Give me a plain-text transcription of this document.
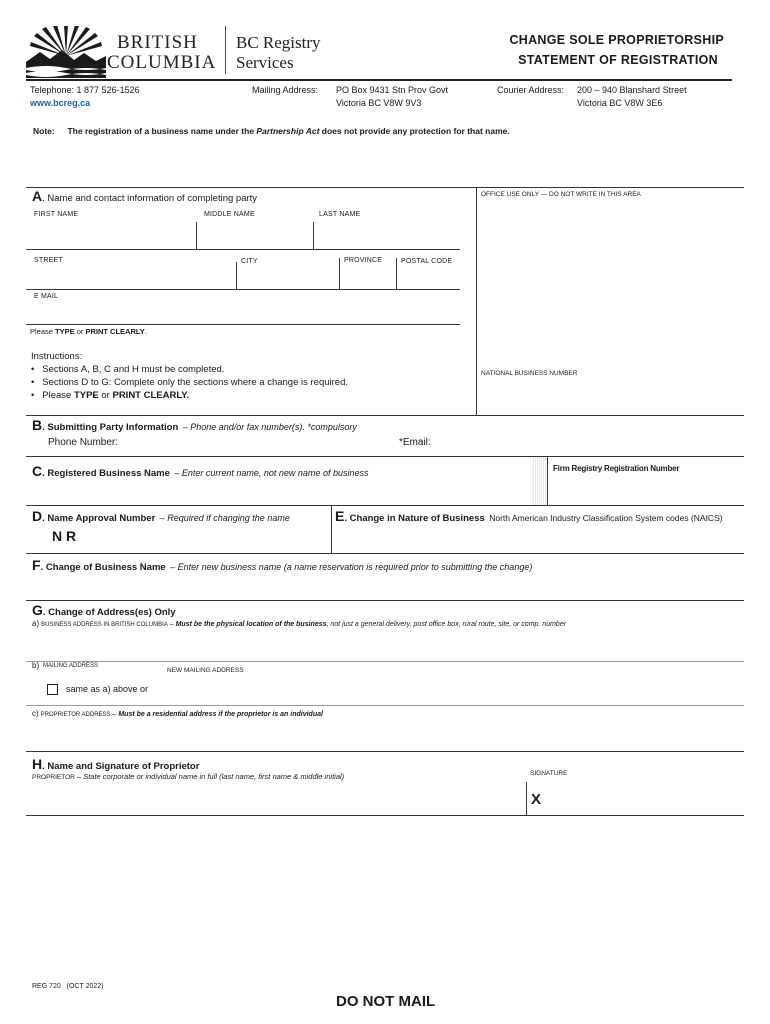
BRITISH
COLUMBIA
BC Registry
Services
CHANGE SOLE PROPRIETORSHIP
STATEMENT OF REGISTRATION
Telephone: 1 877 526-1526
www.bcreg.ca
Mailing Address: PO Box 9431 Stn Prov Govt
Victoria BC V8W 9V3
Courier Address: 200 – 940 Blanshard Street
Victoria BC V8W 3E6
Note: The registration of a business name under the Partnership Act does not provide any protection for that name.
A. Name and contact information of completing party
FIRST NAME	MIDDLE NAME	LAST NAME
STREET	CITY	PROVINCE	POSTAL CODE
E MAIL
Please TYPE or PRINT CLEARLY.
OFFICE USE ONLY — DO NOT WRITE IN THIS AREA
NATIONAL BUSINESS NUMBER
Instructions:
•   Sections A, B, C and H must be completed.
•   Sections D to G: Complete only the sections where a change is required.
•   Please TYPE or PRINT CLEARLY.
B. Submitting Party Information – Phone and/or fax number(s). *compulsory
Phone Number:	*Email:
C. Registered Business Name – Enter current name, not new name of business	Firm Registry Registration Number
D. Name Approval Number – Required if changing the name
N R
E. Change in Nature of Business North American Industry Classification System codes (NAICS)
F. Change of Business Name – Enter new business name (a name reservation is required prior to submitting the change)
G. Change of Address(es) Only
a) BUSINESS ADDRESS IN BRITISH COLUMBIA – Must be the physical location of the business, not just a general delivery, post office box, rural route, site, or comp. number
b) MAILING ADDRESS
NEW MAILING ADDRESS
same as a) above or
c) PROPRIETOR ADDRESS – Must be a residential address if the proprietor is an individual
H. Name and Signature of Proprietor
PROPRIETOR – State corporate or individual name in full (last name, first name & middle initial)	SIGNATURE
X
REG 720 (OCT 2022)
DO NOT MAIL
